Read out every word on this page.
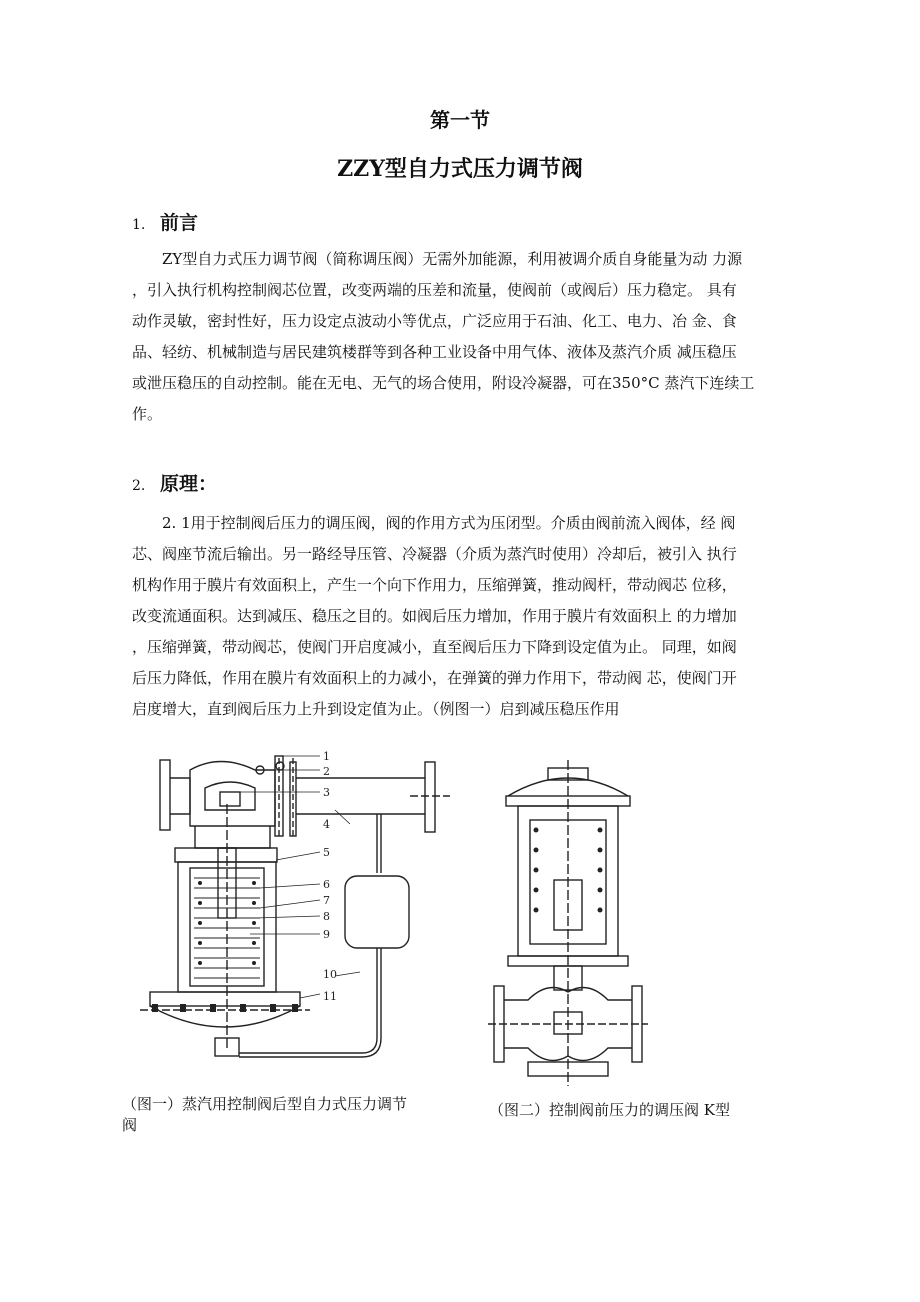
第一节
ZZY型自力式压力调节阀
1. 前言
ZY型自力式压力调节阀（简称调压阀）无需外加能源，利用被调介质自身能量为动 力源
，引入执行机构控制阀芯位置，改变两端的压差和流量，使阀前（或阀后）压力稳定。 具有
动作灵敏，密封性好，压力设定点波动小等优点，广泛应用于石油、化工、电力、冶 金、食
品、轻纺、机械制造与居民建筑楼群等到各种工业设备中用气体、液体及蒸汽介质 减压稳压
或泄压稳压的自动控制。能在无电、无气的场合使用，附设冷凝器，可在350°C 蒸汽下连续工
作。
2. 原理：
2. 1用于控制阀后压力的调压阀，阀的作用方式为压闭型。介质由阀前流入阀体，经 阀
芯、阀座节流后输出。另一路经导压管、冷凝器（介质为蒸汽时使用）冷却后，被引入 执行
机构作用于膜片有效面积上，产生一个向下作用力，压缩弹簧，推动阀杆，带动阀芯 位移，
改变流通面积。达到减压、稳压之目的。如阀后压力增加，作用于膜片有效面积上 的力增加
，压缩弹簧，带动阀芯，使阀门开启度减小，直至阀后压力下降到设定值为止。 同理，如阀
后压力降低，作用在膜片有效面积上的力减小，在弹簧的弹力作用下，带动阀 芯，使阀门开
启度增大，直到阀后压力上升到设定值为止。（例图一）启到减压稳压作用
1
2
3
4
5
6
7
8
9
10
11
（图一）蒸汽用控制阀后型自力式压力调节
阀
（图二）控制阀前压力的调压阀 K型
